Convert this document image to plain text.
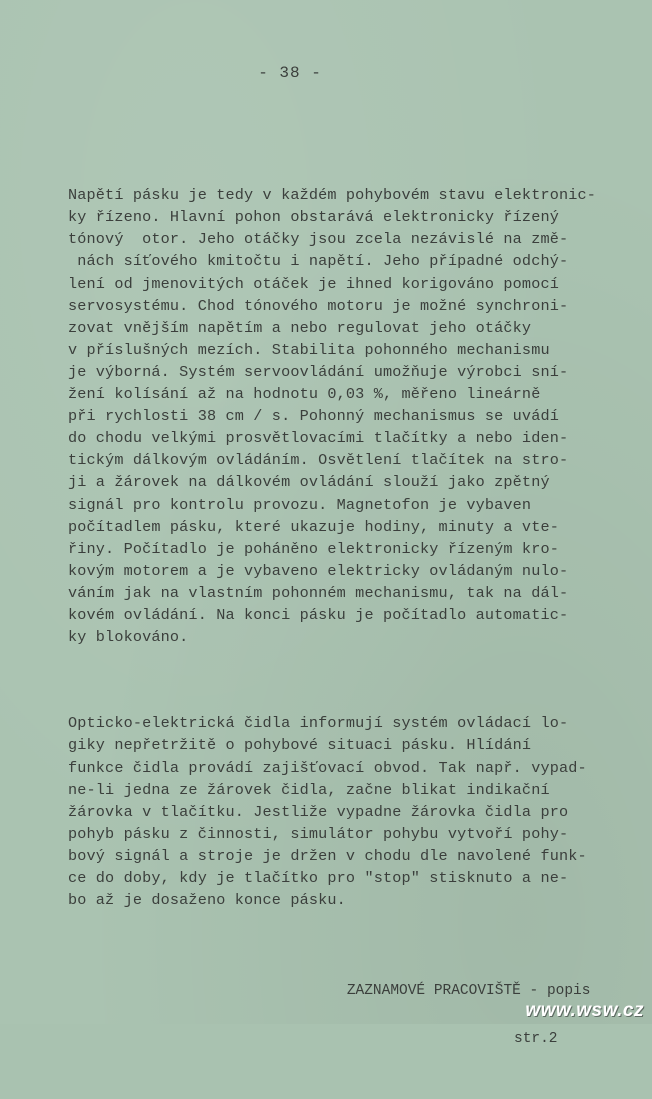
- 38 -

Napětí pásku je tedy v každém pohybovém stavu elektronic-
ky řízeno. Hlavní pohon obstarává elektronicky řízený
tónový  otor. Jeho otáčky jsou zcela nezávislé na změ-
nách síťového kmitočtu i napětí. Jeho případné odchý-
lení od jmenovitých otáček je ihned korigováno pomocí
servosystému. Chod tónového motoru je možné synchroni-
zovat vnějším napětím a nebo regulovat jeho otáčky
v příslušných mezích. Stabilita pohonného mechanismu
je výborná. Systém servoovládání umožňuje výrobci sní-
žení kolísání až na hodnotu 0,03 %, měřeno lineárně
při rychlosti 38 cm / s. Pohonný mechanismus se uvádí
do chodu velkými prosvětlovacími tlačítky a nebo iden-
tickým dálkovým ovládáním. Osvětlení tlačítek na stro-
ji a žárovek na dálkovém ovládání slouží jako zpětný
signál pro kontrolu provozu. Magnetofon je vybaven
počítadlem pásku, které ukazuje hodiny, minuty a vte-
řiny. Počítadlo je poháněno elektronicky řízeným kro-
kovým motorem a je vybaveno elektricky ovládaným nulo-
váním jak na vlastním pohonném mechanismu, tak na dál-
kovém ovládání. Na konci pásku je počítadlo automatic-
ky blokováno.

Opticko-elektrická čidla informují systém ovládací lo-
giky nepřetržitě o pohybové situaci pásku. Hlídání
funkce čidla provádí zajišťovací obvod. Tak např. vypad-
ne-li jedna ze žárovek čidla, začne blikat indikační
žárovka v tlačítku. Jestliže vypadne žárovka čidla pro
pohyb pásku z činnosti, simulátor pohybu vytvoří pohy-
bový signál a stroje je držen v chodu dle navolené funk-
ce do doby, kdy je tlačítko pro "stop" stisknuto a ne-
bo až je dosaženo konce pásku.

ZAZNAMOVÉ PRACOVIŠTĚ - popis

str.2

www.wsw.cz
